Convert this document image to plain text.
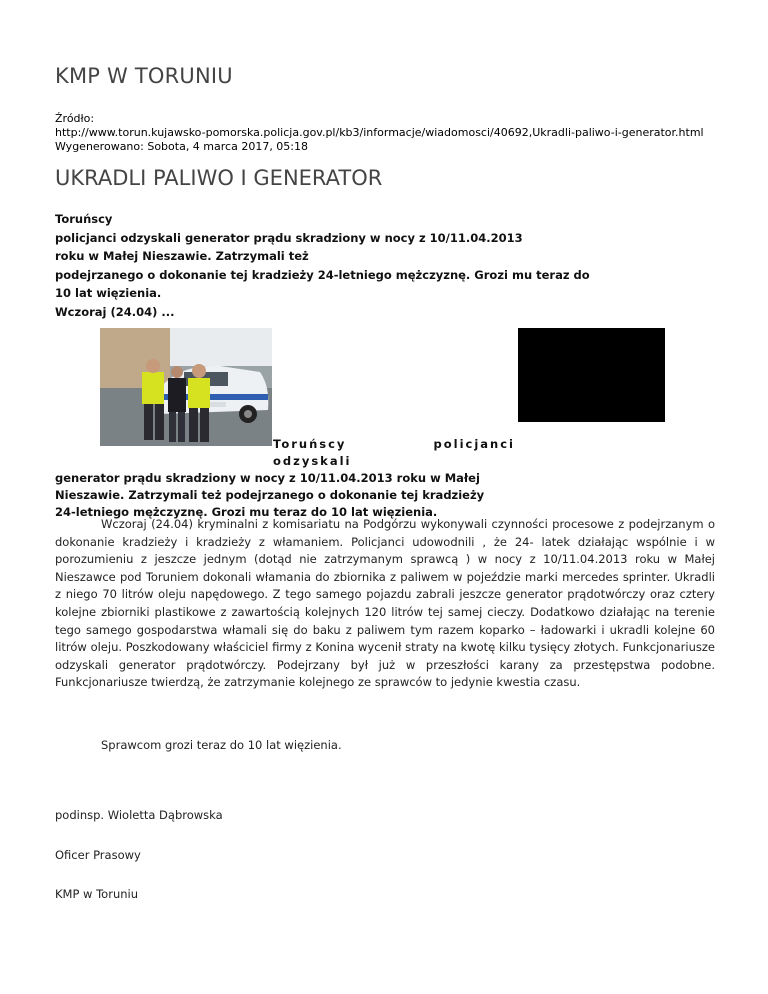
KMP W TORUNIU
Źródło:
http://www.torun.kujawsko-pomorska.policja.gov.pl/kb3/informacje/wiadomosci/40692,Ukradli-paliwo-i-generator.html
Wygenerowano: Sobota, 4 marca 2017, 05:18
UKRADLI PALIWO I GENERATOR
Toruńscy
policjanci odzyskali generator prądu skradziony w nocy z 10/11.04.2013
roku w Małej Nieszawie. Zatrzymali też
podejrzanego o dokonanie tej kradzieży 24-letniego mężczyznę. Grozi mu teraz do
10 lat więzienia.
Wczoraj (24.04) ...
Toruńscy policjanci odzyskali
generator prądu skradziony w nocy z 10/11.04.2013 roku w Małej
Nieszawie. Zatrzymali też podejrzanego o dokonanie tej kradzieży
24-letniego mężczyznę. Grozi mu teraz do 10 lat więzienia.
Wczoraj (24.04) kryminalni z komisariatu na Podgórzu wykonywali czynności procesowe z podejrzanym o dokonanie kradzieży i kradzieży z włamaniem. Policjanci udowodnili , że 24- latek działając wspólnie i w porozumieniu z jeszcze jednym (dotąd nie zatrzymanym sprawcą ) w nocy z 10/11.04.2013 roku w Małej Nieszawce pod Toruniem dokonali włamania do zbiornika z paliwem w pojeździe marki mercedes sprinter. Ukradli z niego 70 litrów oleju napędowego. Z tego samego pojazdu zabrali jeszcze generator prądotwórczy oraz cztery kolejne zbiorniki plastikowe z zawartością kolejnych 120 litrów tej samej cieczy. Dodatkowo działając na terenie tego samego gospodarstwa włamali się do baku z paliwem tym razem koparko – ładowarki i ukradli kolejne 60 litrów oleju. Poszkodowany właściciel firmy z Konina wycenił straty na kwotę kilku tysięcy złotych. Funkcjonariusze odzyskali generator prądotwórczy. Podejrzany był już w przeszłości karany za przestępstwa podobne. Funkcjonariusze twierdzą, że zatrzymanie kolejnego ze sprawców to jedynie kwestia czasu.
Sprawcom grozi teraz do 10 lat więzienia.
podinsp. Wioletta Dąbrowska
Oficer Prasowy
KMP w Toruniu
